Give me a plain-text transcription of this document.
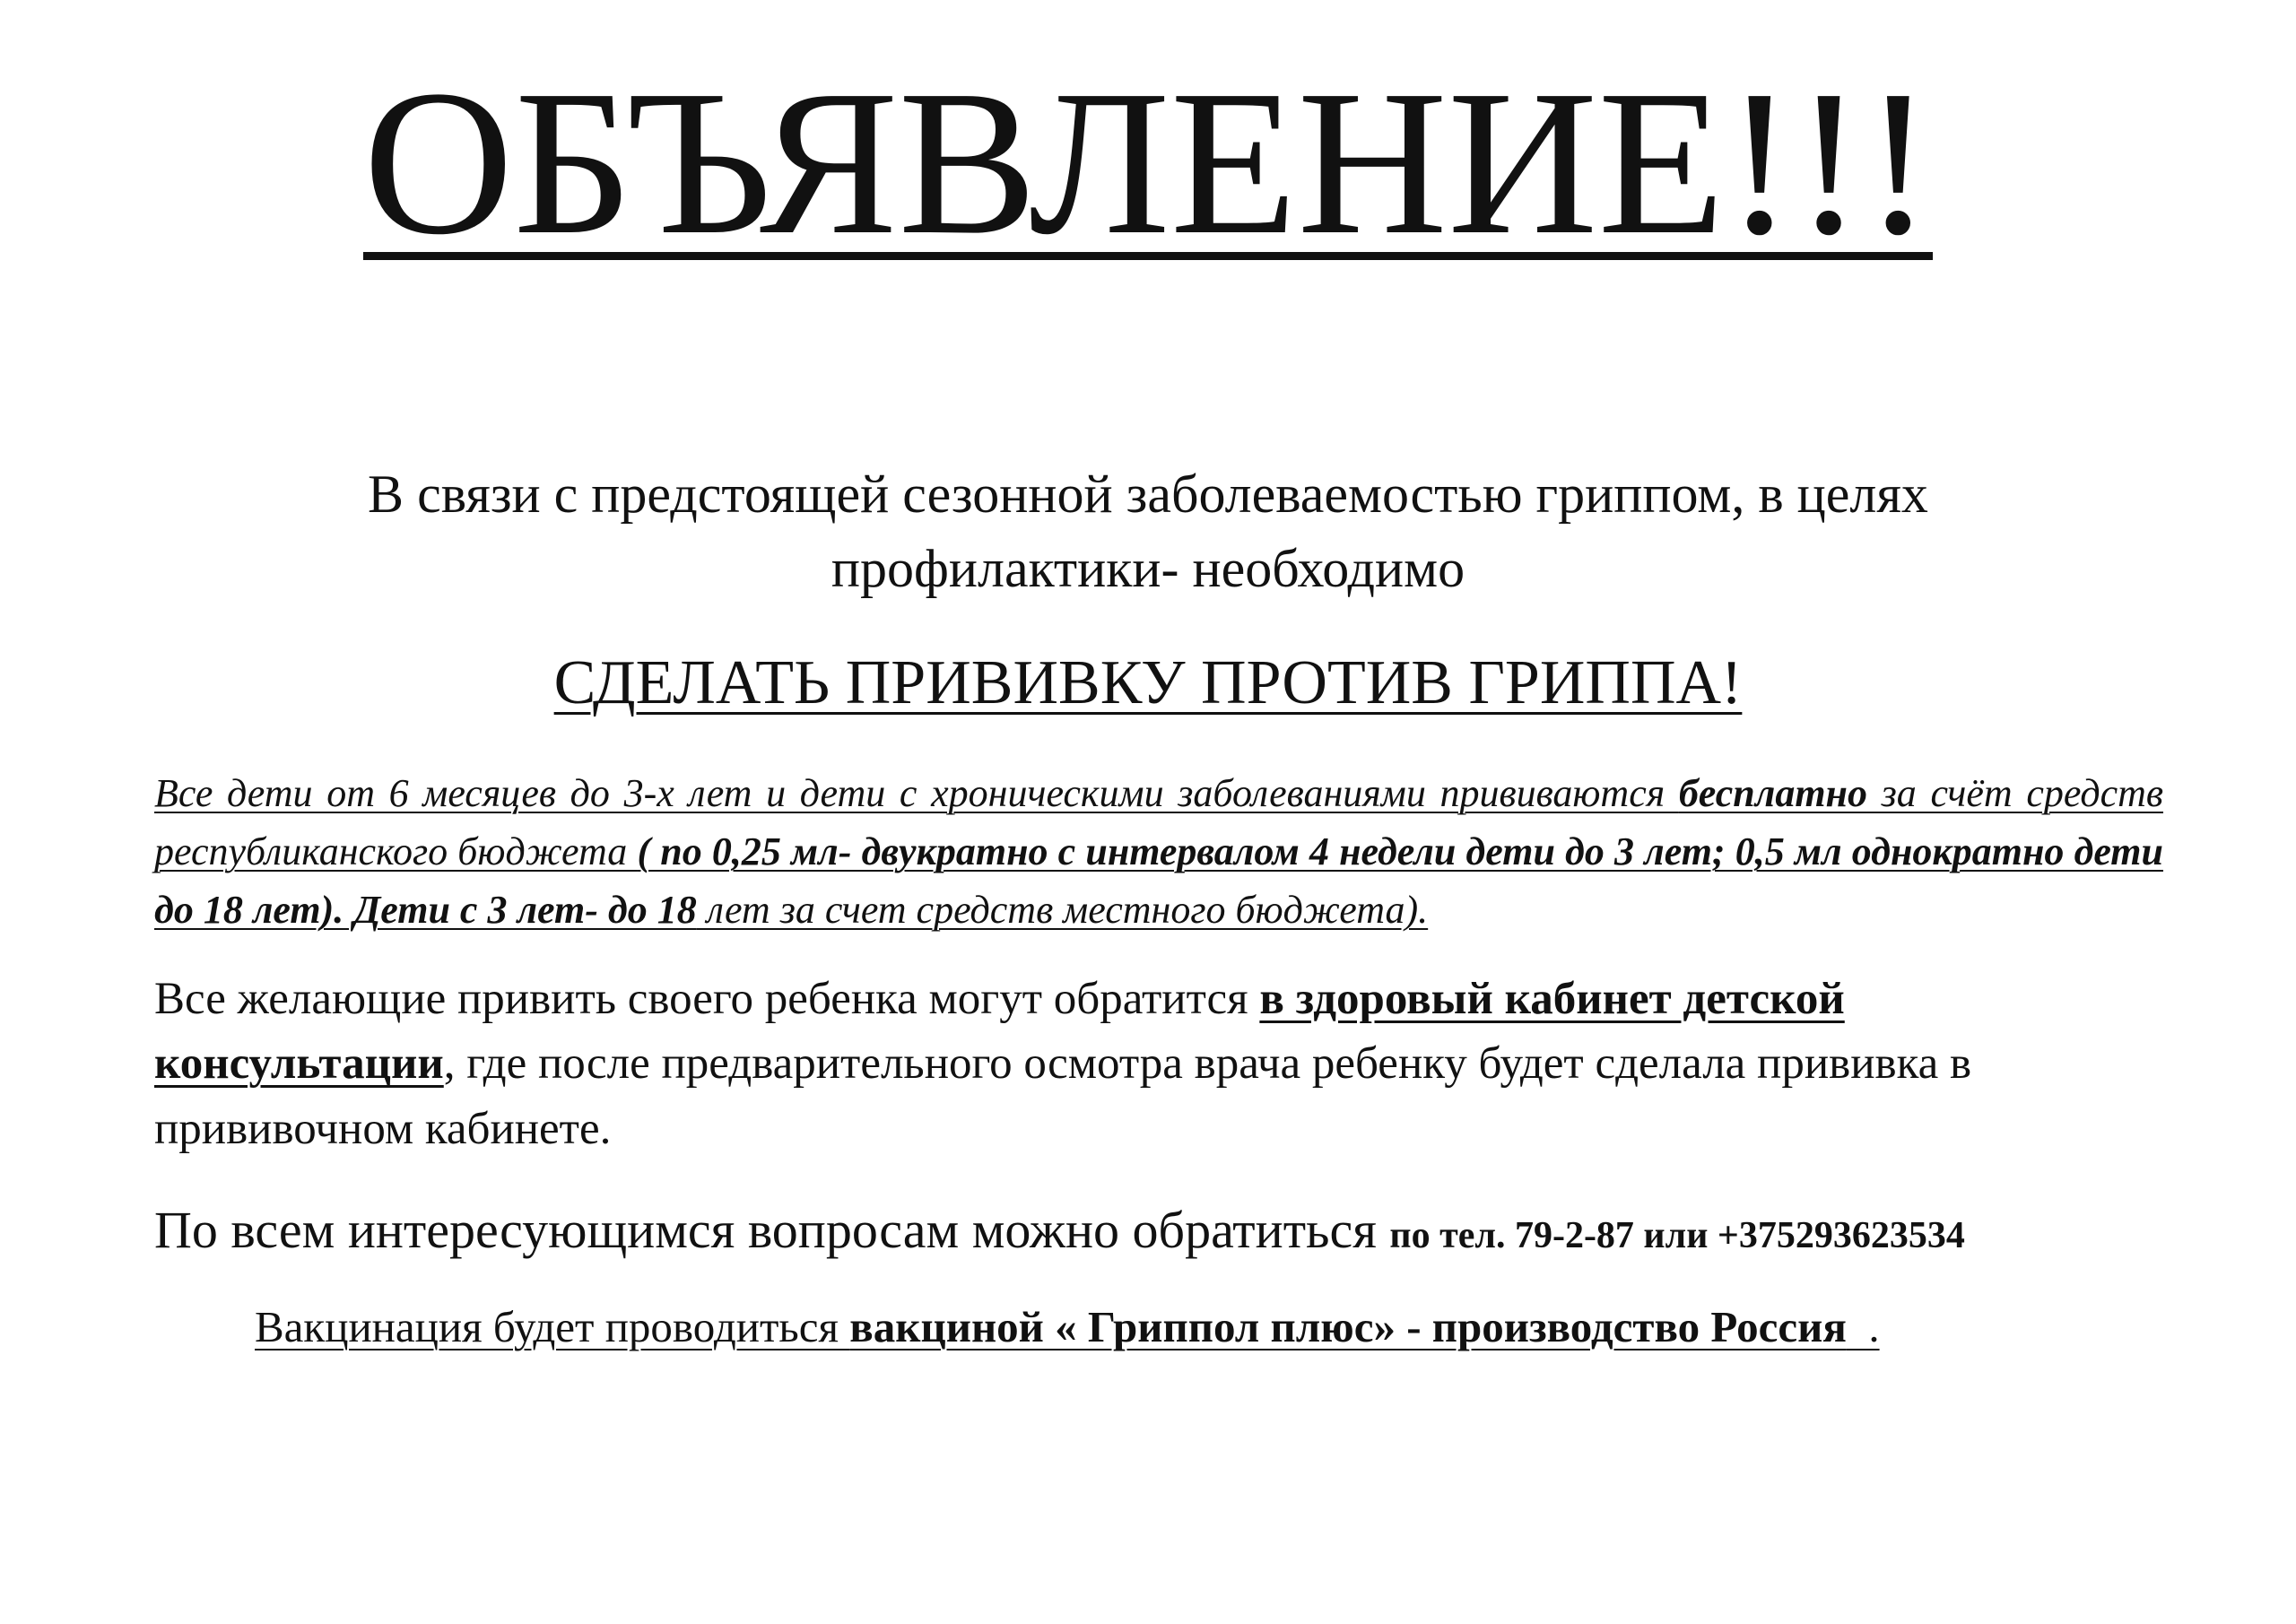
ОБЪЯВЛЕНИЕ!!!

В связи с предстоящей сезонной заболеваемостью гриппом, в целях профилактики- необходимо

СДЕЛАТЬ ПРИВИВКУ ПРОТИВ ГРИППА!

Все дети от 6 месяцев до 3-х лет и дети с хроническими заболеваниями прививаются бесплатно за счёт средств республиканского бюджета ( по 0,25 мл- двукратно с интервалом 4 недели дети до 3 лет; 0,5 мл однократно дети до 18 лет). Дети с 3 лет- до 18 лет за счет средств местного бюджета).

Все желающие привить своего ребенка могут обратится в здоровый кабинет детской консультации, где после предварительного осмотра врача ребенку будет сделала прививка в прививочном кабинете.

По всем интересующимся вопросам можно обратиться по тел. 79-2-87 или +375293623534

Вакцинация будет проводиться вакциной « Гриппол плюс» - производство Россия  .
